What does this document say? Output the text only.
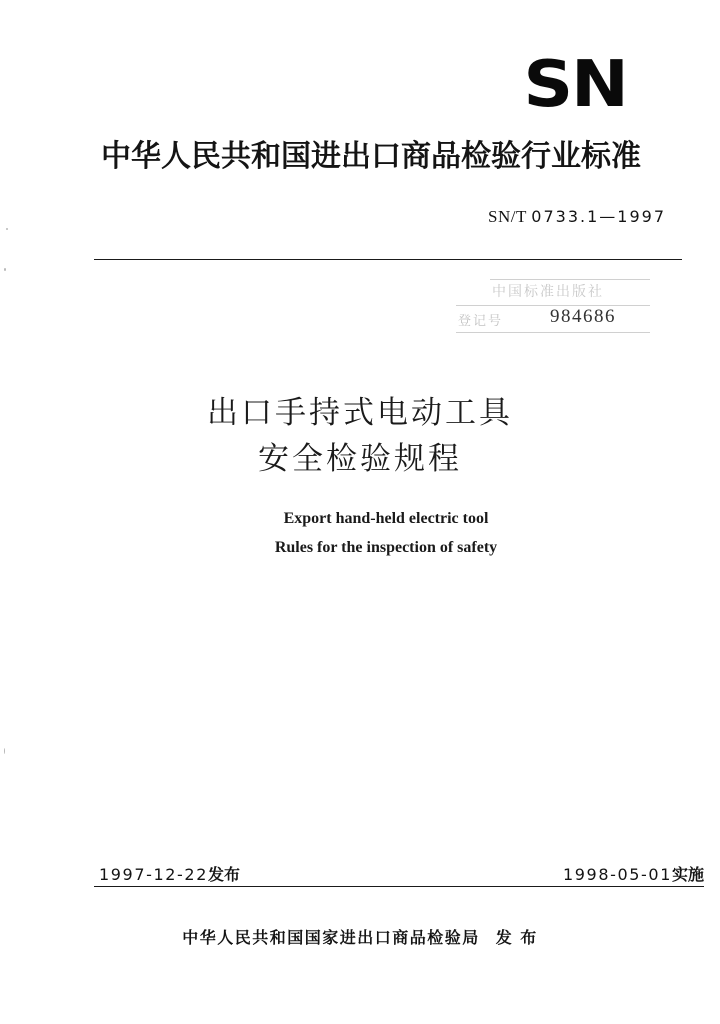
SN
中华人民共和国进出口商品检验行业标准
SN/T 0733.1—1997
中国标准出版社
登记号 984686
出口手持式电动工具
安全检验规程
Export hand-held electric tool
Rules for the inspection of safety
1997-12-22发布	1998-05-01实施
中华人民共和国国家进出口商品检验局 发 布
